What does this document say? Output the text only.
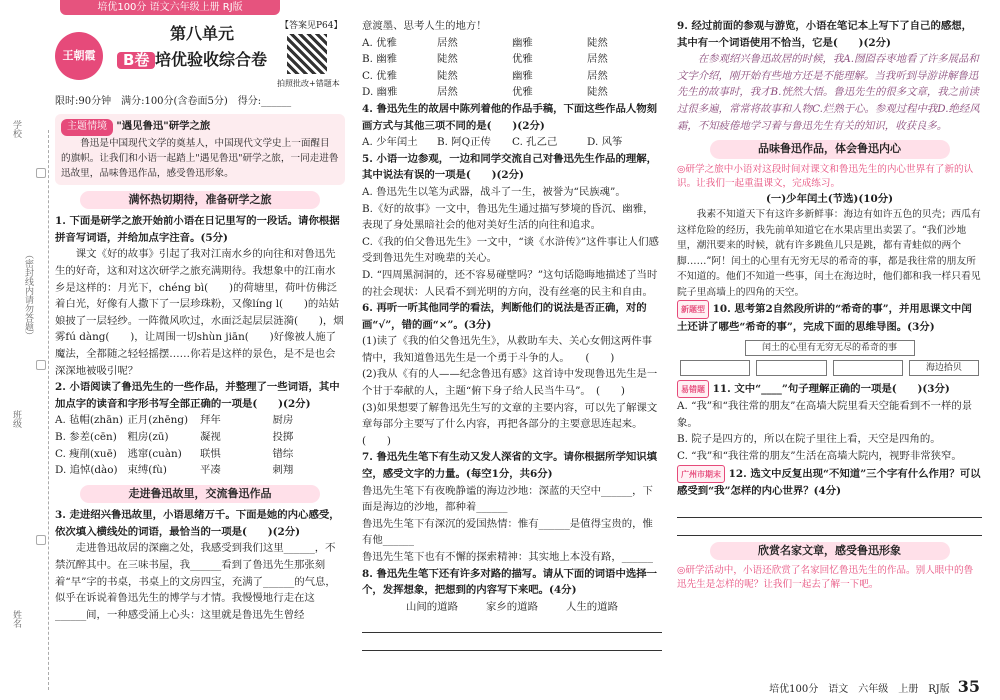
培优100分 语文六年级上册 RJ版
学校
（密封线内请勿答题）
班级
姓名
王朝霞
第八单元
B卷 培优验收综合卷
【答案见P64】
拍照批改+错题本
限时:90分钟　满分:100分(含卷面5分)　得分:______
主题情境 "遇见鲁迅"研学之旅
鲁迅是中国现代文学的奠基人，中国现代文学史上一面醒目的旗帜。让我们和小语一起踏上"遇见鲁迅"研学之旅，一同走进鲁迅故里，品味鲁迅作品，感受鲁迅形象。
满怀热切期待，准备研学之旅
1. 下面是研学之旅开始前小语在日记里写的一段话。请你根据拼音写词语，并给加点字注音。(5分)
课文《好的故事》引起了我对江南水乡的向往和对鲁迅先生的好奇，这和对这次研学之旅充满期待。我想象中的江南水乡是这样的：月光下，chéng bì(　　)的荷塘里，荷叶仿佛泛着白光，好像有人撒下了一层珍珠粉，又像líng l(　　)的站姑娘披了一层轻纱。一阵微风吹过，水面泛起层层涟漪(　　)，烟雾fú dàng(　　)，让周围一切shùn jiān(　　)好像被人施了魔法，全都随之轻轻摇摆……你若是这样的景色，是不是也会深深地被吸引呢？
2. 小语阅读了鲁迅先生的一些作品，并整理了一些词语，其中加点字的读音和字形书写全部正确的一项是(　　)(2分)
A. 毡帽(zhān) 正月(zhēng)	拜年	厨房
B. 参差(cēn)	粗房(zū)	凝视	投掷
C. 瘦削(xuē)	逃窜(cuàn)	联惧	错综
D. 追悼(dào) 束缚(fù)	平凑	刺翔
走进鲁迅故里，交流鲁迅作品
3. 走进绍兴鲁迅故里，小语思绪万千。下面是她的内心感受，依次填入横线处的词语，最恰当的一项是(　　)(2分)
走进鲁迅故居的深幽之处，我感受到我们这里______，不禁沉醉其中。在三味书屋，我______看到了鲁迅先生那张刻着“早”字的书桌，书桌上的文房四宝，充满了______的气息，似乎在诉说着鲁迅先生的博学与才情。我慢慢地行走在这______间，一种感受涌上心头：这里就是鲁迅先生曾经
意渡墨、思考人生的地方！
A. 优雅	居然	幽雅	陡然
B. 幽雅	陡然	优雅	居然
C. 优雅	陡然	幽雅	居然
D. 幽雅	居然	优雅	陡然
4. 鲁迅先生的故居中陈列着他的作品手稿，下面这些作品人物刻画方式与其他三项不同的是(　　)(2分)
A. 少年闰土	B. 阿Q正传	C. 孔乙己	D. 风筝
5. 小语一边参观，一边和同学交流自己对鲁迅先生作品的理解，其中说法有误的一项是(　　)(2分)
A. 鲁迅先生以笔为武器，战斗了一生，被誉为“民族魂”。
B.《好的故事》一文中，鲁迅先生通过描写梦境的昏沉、幽雅，表现了身处黑暗社会的他对美好生活的向往和追求。
C.《我的伯父鲁迅先生》一文中，“谈《水浒传》”这件事让人们感受到鲁迅先生对晚辈的关心。
D. “四周黑洞洞的，还不容易碰壁吗？”这句话隐晦地描述了当时的社会现状：人民看不到光明的方向，没有丝毫的民主和自由。
6. 再听一听其他同学的看法，判断他们的说法是否正确，对的画“√”，错的画“×”。(3分)
(1)读了《我的伯父鲁迅先生》，从救助车夫、关心女佣这两件事情中，我知道鲁迅先生是一个勇于斗争的人。　　(　　)
(2)我从《有的人——纪念鲁迅有感》这首诗中发现鲁迅先生是一个甘于奉献的人，主题“俯下身子给人民当牛马”。　(　　)
(3)如果想要了解鲁迅先生写的文章的主要内容，可以先了解课文章每部分主要写了什么内容，再把各部分的主要意思连起来。　　(　　)
7. 鲁迅先生笔下有生动又发人深省的文字。请你根据所学知识填空，感受文字的力量。(每空1分，共6分)
鲁迅先生笔下有夜晚静谧的海边沙地：深蓝的天空中______，下面是海边的沙地，都种着______
鲁迅先生笔下有深沉的爱国热情：惟有______是值得宝贵的，惟有他______
鲁迅先生笔下也有不懈的探索精神：其实地上本没有路，______
8. 鲁迅先生笔下还有许多对路的描写。请从下面的词语中选择一个，发挥想象，把想到的内容写下来吧。(4分)
山间的道路	家乡的道路	人生的道路
9. 经过前面的参观与游览，小语在笔记本上写下了自己的感想，其中有一个词语使用不恰当，它是(　　)(2分)
在参观绍兴鲁迅故居的时候，我A.囫囵吞枣地看了许多展品和文字介绍，刚开始有些地方还是不能理解。当我听到导游讲解鲁迅先生的故事时，我才B.恍然大悟。鲁迅先生的很多文章，我之前读过很多遍，常常将故事和人物C.烂熟于心。参观过程中我D.绝经风霜，不知疲倦地学习着与鲁迅先生有关的知识，收获良多。
品味鲁迅作品，体会鲁迅内心
◎研学之旅中小语对这段时间对课文和鲁迅先生的内心世界有了新的认识。让我们一起重温课文，完成练习。
(一)少年闰土(节选)(10分)
我素不知道天下有这许多新鲜事：海边有如许五色的贝壳；西瓜有这样危险的经历，我先前单知道它在水果店里出卖罢了。“我们沙地里，潮汛要来的时候，就有许多跳鱼儿只是跳，都有青蛙似的两个脚……”阿！闰土的心里有无穷无尽的希奇的事，都是我往常的朋友所不知道的。他们不知道一些事，闰土在海边时，他们都和我一样只看见院子里高墙上的四角的天空。
新题型 10. 思考第2自然段所讲的“希奇的事”，并用思课文中闰土还讲了哪些“希奇的事”，完成下面的思维导图。(3分)
闰土的心里有无穷无尽的希奇的事
海边拾贝
易错题 11. 文中“____”句子理解正确的一项是(　　)(3分)
A. “我”和“我往常的朋友”在高墙大院里看天空能看到不一样的景象。
B. 院子是四方的，所以在院子里往上看，天空是四角的。
C. “我”和“我往常的朋友”生活在高墙大院内，视野非常狭窄。
广州市期末 12. 选文中反复出现“不知道”三个字有什么作用？可以感受到“我”怎样的内心世界？(4分)
欣赏名家文章，感受鲁迅形象
◎研学活动中，小语还欣赏了名家回忆鲁迅先生的作品。别人眼中的鲁迅先生是怎样的呢？让我们一起去了解一下吧。
培优100分　语文　六年级　上册　RJ版 35
